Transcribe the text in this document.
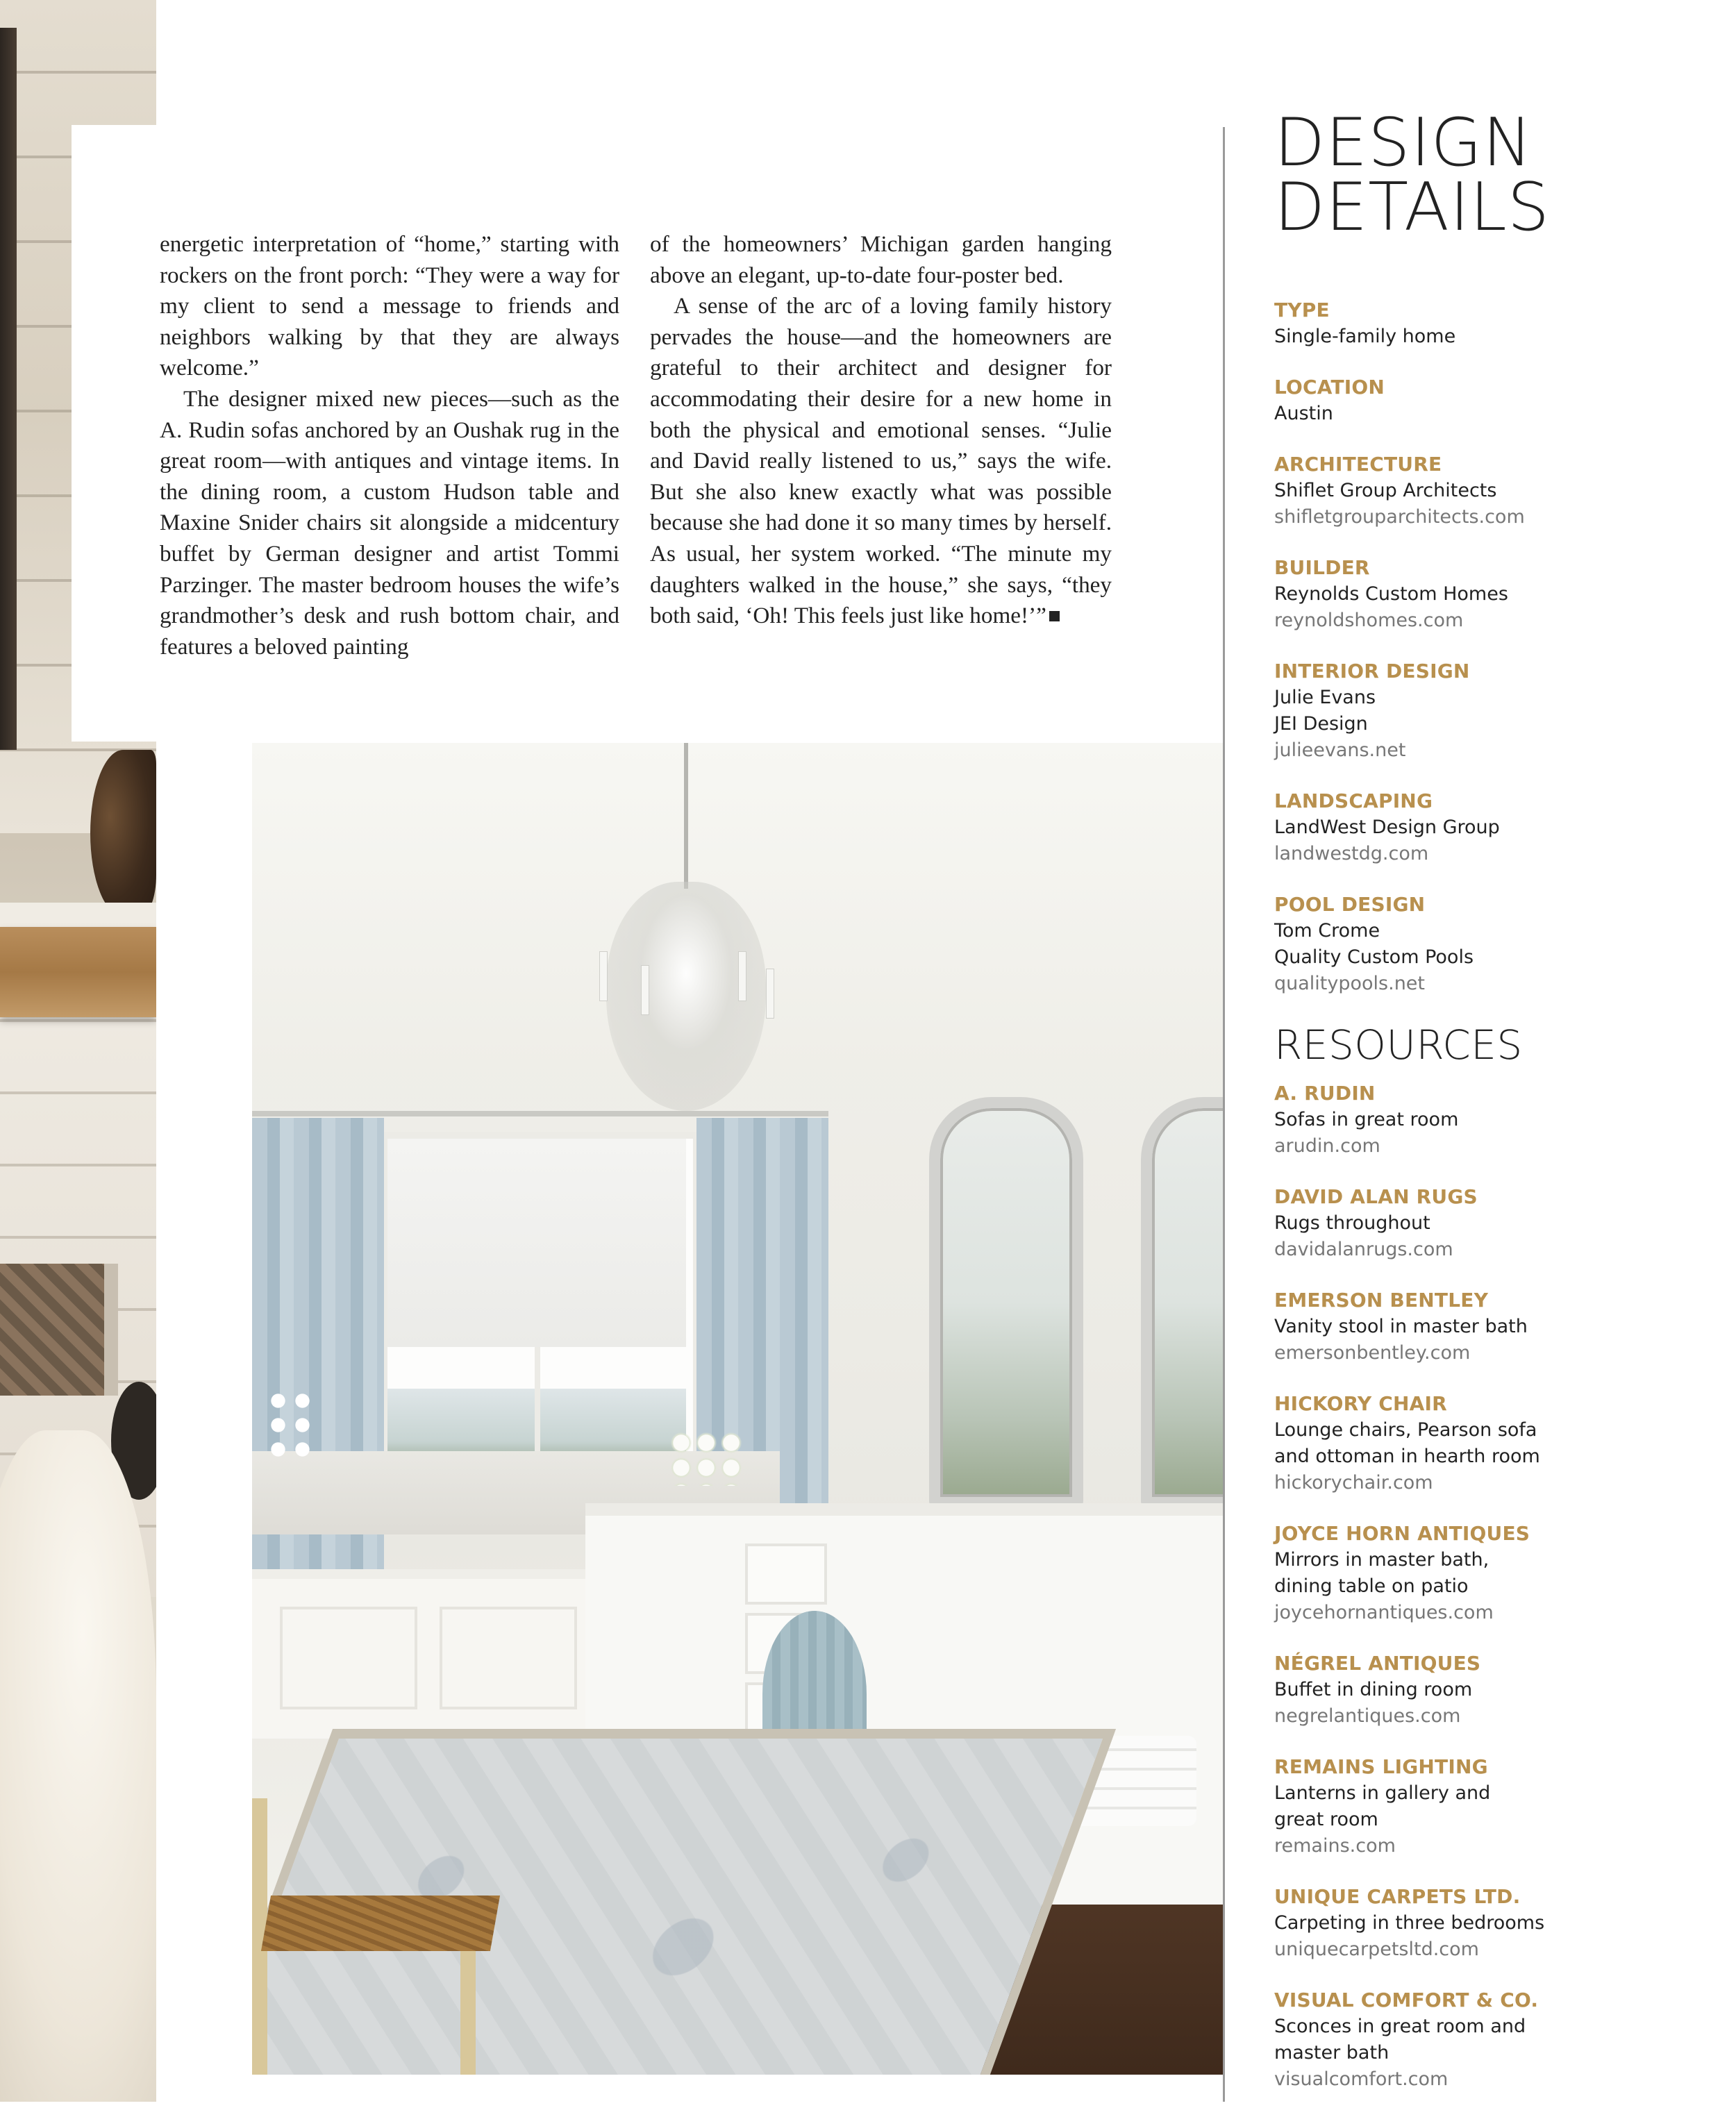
energetic interpretation of “home,” starting with rockers on the front porch: “They were a way for my client to send a message to friends and neighbors walking by that they are always welcome.”

The designer mixed new pieces—such as the A. Rudin sofas anchored by an Oushak rug in the great room—with antiques and vintage items. In the dining room, a custom Hudson table and Maxine Snider chairs sit alongside a midcentury buffet by German designer and artist Tommi Parzinger. The master bedroom houses the wife’s grandmother’s desk and rush bottom chair, and features a beloved painting

of the homeowners’ Michigan garden hanging above an elegant, up-to-date four-poster bed.

A sense of the arc of a loving family history pervades the house—and the homeowners are grateful to their architect and designer for accommodating their desire for a new home in both the physical and emotional senses. “Julie and David really listened to us,” says the wife. But she also knew exactly what was possible because she had done it so many times by herself. As usual, her system worked. “The minute my daughters walked in the house,” she says, “they both said, ‘Oh! This feels just like home!’”

DESIGN
DETAILS
TYPE
Single-family home
LOCATION
Austin
ARCHITECTURE
Shiflet Group Architects
shifletgrouparchitects.com
BUILDER
Reynolds Custom Homes
reynoldshomes.com
INTERIOR DESIGN
Julie Evans
JEI Design
julieevans.net
LANDSCAPING
LandWest Design Group
landwestdg.com
POOL DESIGN
Tom Crome
Quality Custom Pools
qualitypools.net
RESOURCES
A. RUDIN
Sofas in great room
arudin.com
DAVID ALAN RUGS
Rugs throughout
davidalanrugs.com
EMERSON BENTLEY
Vanity stool in master bath
emersonbentley.com
HICKORY CHAIR
Lounge chairs, Pearson sofa
and ottoman in hearth room
hickorychair.com
JOYCE HORN ANTIQUES
Mirrors in master bath,
dining table on patio
joycehornantiques.com
NÉGREL ANTIQUES
Buffet in dining room
negrelantiques.com
REMAINS LIGHTING
Lanterns in gallery and
great room
remains.com
UNIQUE CARPETS LTD.
Carpeting in three bedrooms
uniquecarpetsltd.com
VISUAL COMFORT & CO.
Sconces in great room and
master bath
visualcomfort.com
